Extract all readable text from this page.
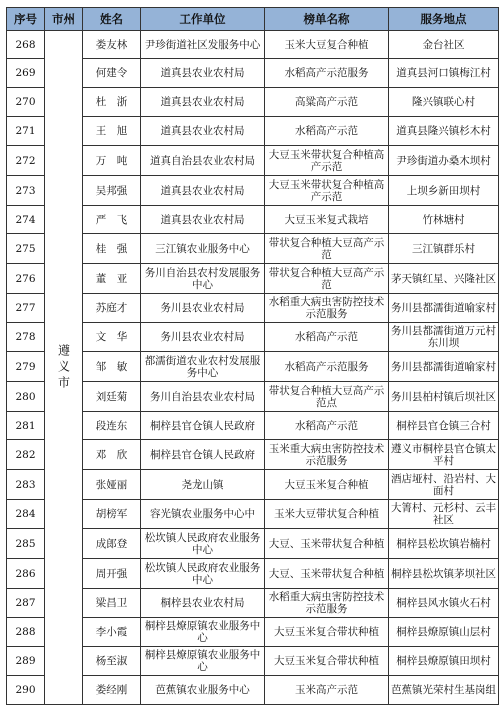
序号	市州	姓名	工作单位	榜单名称	服务地点
268	遵义市	娄友林	尹珍街道社区发服务中心	玉米大豆复合种植	金台社区
269		何建令	道真县农业农村局	水稻高产示范服务	道真县河口镇梅江村
270		杜　浙	道真县农业农村局	高粱高产示范	隆兴镇联心村
271		王　旭	道真县农业农村局	水稻高产示范	道真县隆兴镇杉木村
272		万　吨	道真自治县农业农村局	大豆玉米带状复合种植高产示范	尹珍街道办桑木坝村
273		吴邦强	道真县农业农村局	大豆玉米带状复合种植高产示范	上坝乡新田坝村
274		严　飞	道真县农业农村局	大豆玉米复式栽培	竹林塘村
275		桂　强	三江镇农业服务中心	带状复合种植大豆高产示范	三江镇群乐村
276		董　亚	务川自治县农村发展服务中心	带状复合种植大豆高产示范	茅天镇红星、兴隆社区
277		苏庭才	务川县农业农村局	水稻重大病虫害防控技术示范服务	务川县都濡街道喻家村
278		文　华	务川县农业农村局	水稻高产示范	务川县都濡街道万元村东川坝
279		邹　敏	都濡街道农业农村发展服务中心	水稻高产示范服务	务川县都濡街道喻家村
280		刘廷菊	务川自治县农业农村局	带状复合种植大豆高产示范点	务川县柏村镇后坝社区
281		段连东	桐梓县官仓镇人民政府	水稻高产示范	桐梓县官仓镇三合村
282		邓　欣	桐梓县官仓镇人民政府	玉米重大病虫害防控技术示范服务	遵义市桐梓县官仓镇太平村
283		张娅丽	尧龙山镇	大豆玉米复合种植	酒店垭村、沿岩村、大面村
284		胡榜军	容光镇农业服务中心中	玉米大豆带状复合种植	大箐村、元杉村、云丰社区
285		成郎登	松坎镇人民政府农业服务中心	大豆、玉米带状复合种植	桐梓县松坎镇岩楠村
286		周开强	松坎镇人民政府农业服务中心	大豆、玉米带状复合种植	桐梓县松坎镇茅坝社区
287		梁昌卫	桐梓县农业农村局	水稻重大病虫害防控技术示范服务	桐梓县风水镇火石村
288		李小霞	桐梓县燎原镇农业服务中心	大豆玉米复合带状种植	桐梓县燎原镇山层村
289		杨至淑	桐梓县燎原镇农业服务中心	大豆玉米复合带状种植	桐梓县燎原镇田坝村
290		娄经刚	芭蕉镇农业服务中心	玉米高产示范	芭蕉镇光荣村生基岗组
